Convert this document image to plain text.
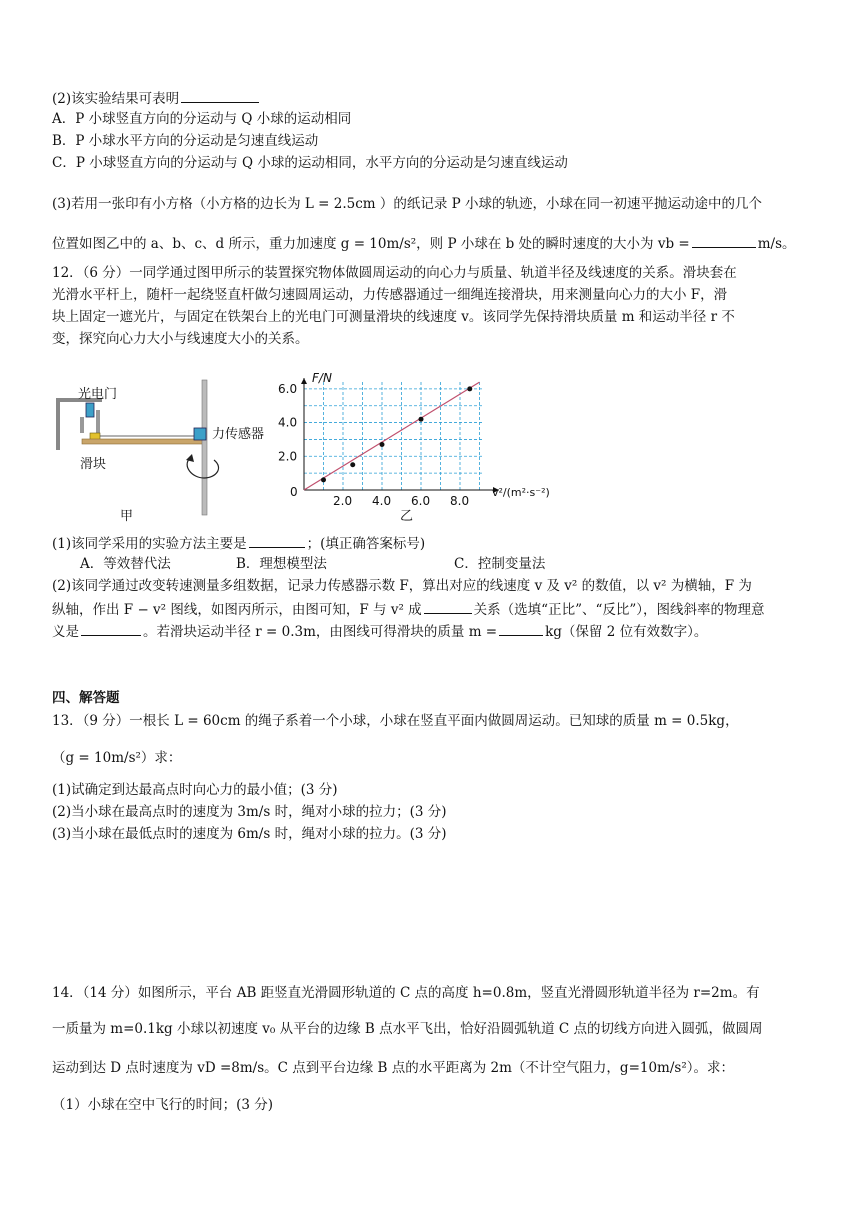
(2)该实验结果可表明
A．P 小球竖直方向的分运动与 Q 小球的运动相同
B．P 小球水平方向的分运动是匀速直线运动
C．P 小球竖直方向的分运动与 Q 小球的运动相同，水平方向的分运动是匀速直线运动
(3)若用一张印有小方格（小方格的边长为 L = 2.5cm ）的纸记录 P 小球的轨迹，小球在同一初速平抛运动途中的几个
位置如图乙中的 a、b、c、d 所示，重力加速度 g = 10m/s²，则 P 小球在 b 处的瞬时速度的大小为 vb =	m/s。
12．（6 分）一同学通过图甲所示的装置探究物体做圆周运动的向心力与质量、轨道半径及线速度的关系。滑块套在
光滑水平杆上，随杆一起绕竖直杆做匀速圆周运动，力传感器通过一细绳连接滑块，用来测量向心力的大小 F，滑
块上固定一遮光片，与固定在铁架台上的光电门可测量滑块的线速度 v。该同学先保持滑块质量 m 和运动半径 r 不
变，探究向心力大小与线速度大小的关系。
光电门
力传感器
滑块
甲
2.0 4.0 6.0 8.0
2.0
4.0
6.0
F/N
v²/(m²·s⁻²)
0
乙
(1)该同学采用的实验方法主要是	；(填正确答案标号)
A．等效替代法	B．理想模型法	C．控制变量法
(2)该同学通过改变转速测量多组数据，记录力传感器示数 F，算出对应的线速度 v 及 v² 的数值，以 v² 为横轴，F 为
纵轴，作出 F − v² 图线，如图丙所示，由图可知，F 与 v² 成	关系（选填“正比”、“反比”），图线斜率的物理意
义是	。若滑块运动半径 r = 0.3m，由图线可得滑块的质量 m =	kg（保留 2 位有效数字）。
四、解答题
13．（9 分）一根长 L = 60cm 的绳子系着一个小球，小球在竖直平面内做圆周运动。已知球的质量 m = 0.5kg，
（g = 10m/s²）求：
(1)试确定到达最高点时向心力的最小值；(3 分)
(2)当小球在最高点时的速度为 3m/s 时，绳对小球的拉力；(3 分)
(3)当小球在最低点时的速度为 6m/s 时，绳对小球的拉力。(3 分)
14．（14 分）如图所示，平台 AB 距竖直光滑圆形轨道的 C 点的高度 h=0.8m，竖直光滑圆形轨道半径为 r=2m。有
一质量为 m=0.1kg 小球以初速度 v₀ 从平台的边缘 B 点水平飞出，恰好沿圆弧轨道 C 点的切线方向进入圆弧，做圆周
运动到达 D 点时速度为 vD =8m/s。C 点到平台边缘 B 点的水平距离为 2m（不计空气阻力，g=10m/s²）。求：
（1）小球在空中飞行的时间；(3 分)
